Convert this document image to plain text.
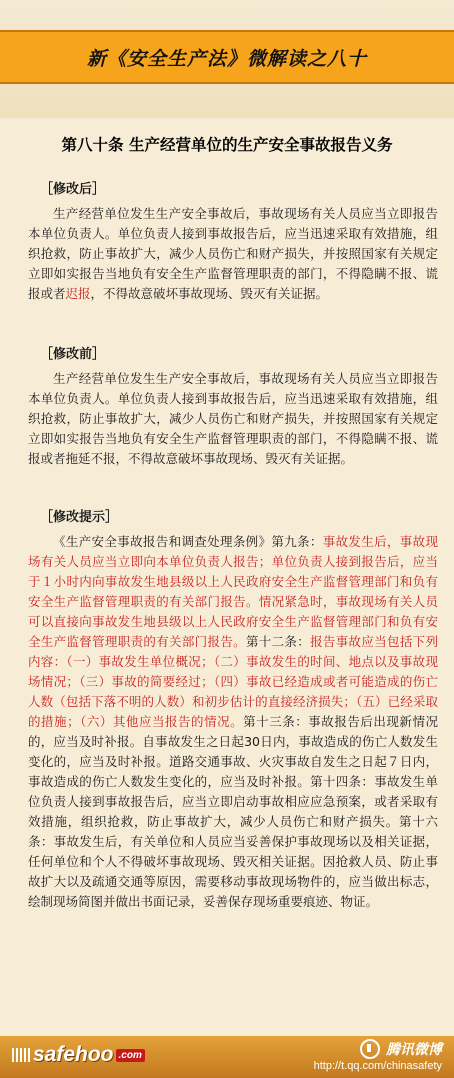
新《安全生产法》微解读之八十
第八十条 生产经营单位的生产安全事故报告义务
［修改后］
生产经营单位发生生产安全事故后，事故现场有关人员应当立即报告本单位负责人。单位负责人接到事故报告后，应当迅速采取有效措施，组织抢救，防止事故扩大，减少人员伤亡和财产损失，并按照国家有关规定立即如实报告当地负有安全生产监督管理职责的部门，不得隐瞒不报、谎报或者迟报，不得故意破坏事故现场、毁灭有关证据。
［修改前］
生产经营单位发生生产安全事故后，事故现场有关人员应当立即报告本单位负责人。单位负责人接到事故报告后，应当迅速采取有效措施，组织抢救，防止事故扩大，减少人员伤亡和财产损失，并按照国家有关规定立即如实报告当地负有安全生产监督管理职责的部门，不得隐瞒不报、谎报或者拖延不报，不得故意破坏事故现场、毁灭有关证据。
［修改提示］
《生产安全事故报告和调查处理条例》第九条：事故发生后，事故现场有关人员应当立即向本单位负责人报告；单位负责人接到报告后，应当于１小时内向事故发生地县级以上人民政府安全生产监督管理部门和负有安全生产监督管理职责的有关部门报告。情况紧急时，事故现场有关人员可以直接向事故发生地县级以上人民政府安全生产监督管理部门和负有安全生产监督管理职责的有关部门报告。第十二条：报告事故应当包括下列内容：（一）事故发生单位概况；（二）事故发生的时间、地点以及事故现场情况；（三）事故的简要经过；（四）事故已经造成或者可能造成的伤亡人数（包括下落不明的人数）和初步估计的直接经济损失；（五）已经采取的措施；（六）其他应当报告的情况。第十三条：事故报告后出现新情况的，应当及时补报。自事故发生之日起30日内，事故造成的伤亡人数发生变化的，应当及时补报。道路交通事故、火灾事故自发生之日起７日内，事故造成的伤亡人数发生变化的，应当及时补报。第十四条：事故发生单位负责人接到事故报告后，应当立即启动事故相应应急预案，或者采取有效措施，组织抢救，防止事故扩大，减少人员伤亡和财产损失。第十六条：事故发生后，有关单位和人员应当妥善保护事故现场以及相关证据，任何单位和个人不得破坏事故现场、毁灭相关证据。因抢救人员、防止事故扩大以及疏通交通等原因，需要移动事故现场物件的，应当做出标志，绘制现场简图并做出书面记录，妥善保存现场重要痕迹、物证。
safehoo .com	腾讯微博
http://t.qq.com/chinasafety
